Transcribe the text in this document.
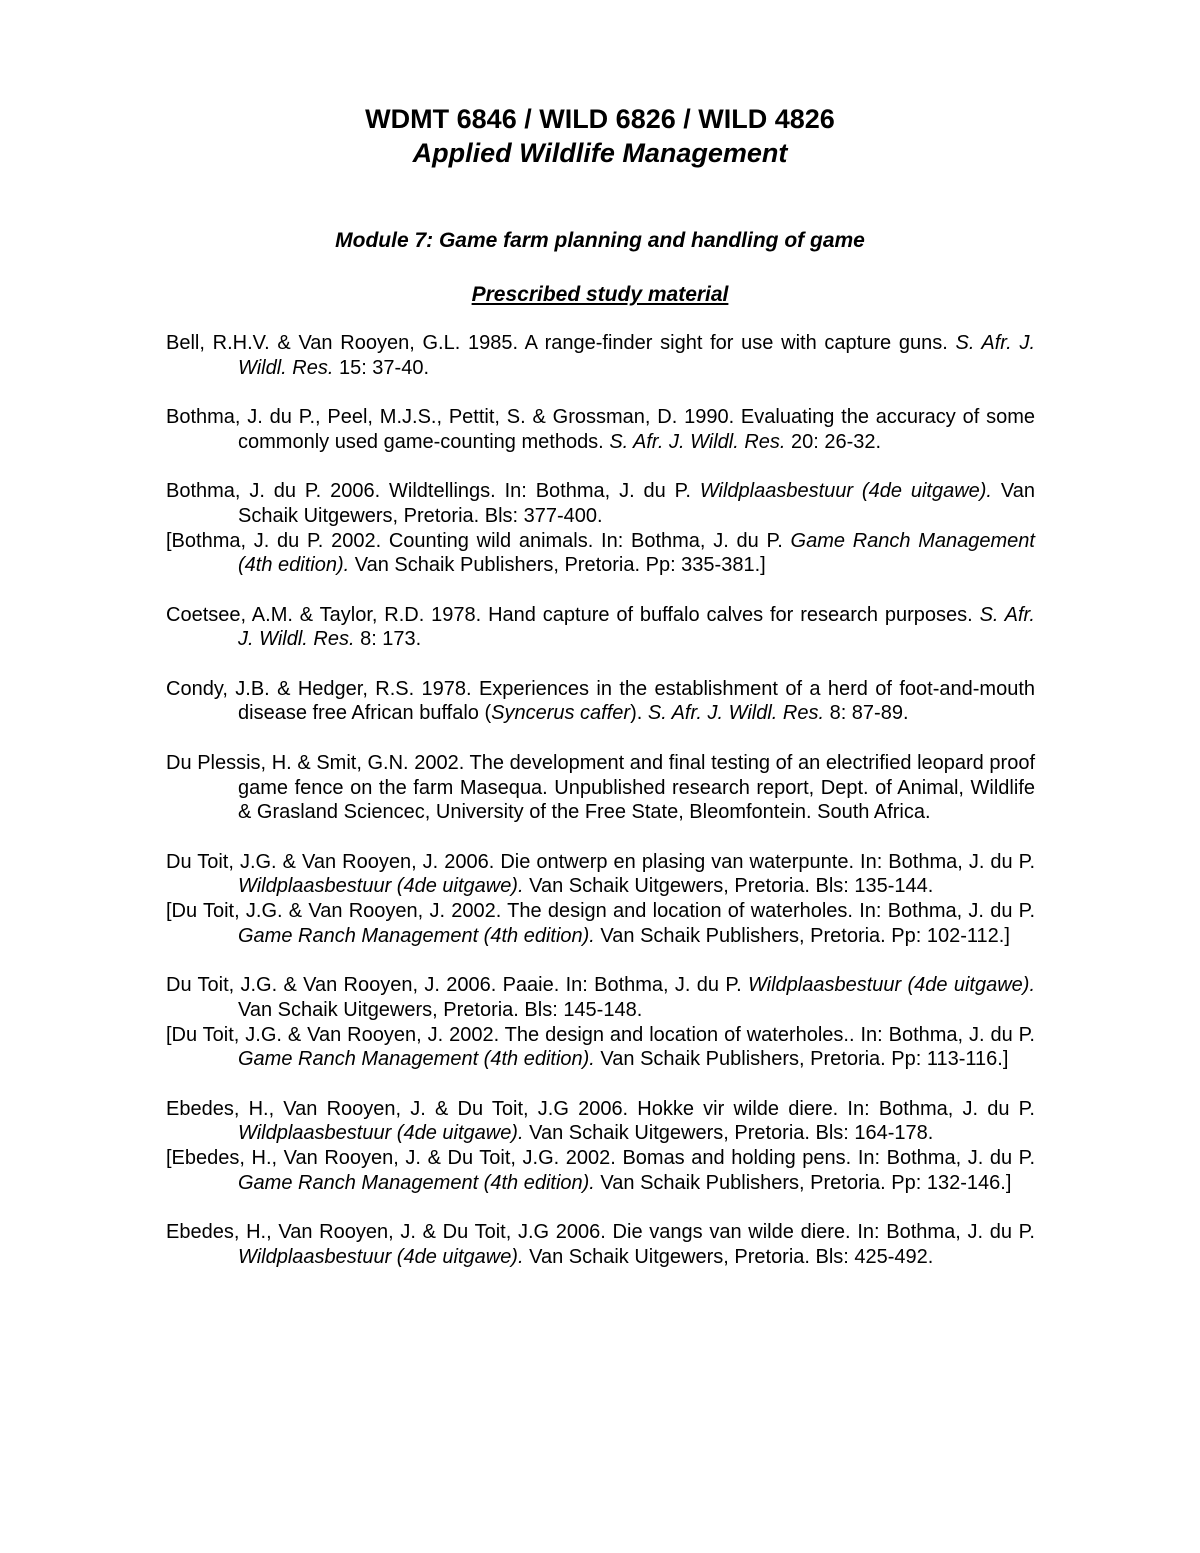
WDMT 6846 / WILD 6826 / WILD 4826
Applied Wildlife Management
Module 7: Game farm planning and handling of game
Prescribed study material
Bell, R.H.V. & Van Rooyen, G.L. 1985. A range-finder sight for use with capture guns. S. Afr. J. Wildl. Res. 15: 37-40.
Bothma, J. du P., Peel, M.J.S., Pettit, S. & Grossman, D. 1990. Evaluating the accuracy of some commonly used game-counting methods. S. Afr. J. Wildl. Res. 20: 26-32.
Bothma, J. du P. 2006. Wildtellings. In: Bothma, J. du P. Wildplaasbestuur (4de uitgawe). Van Schaik Uitgewers, Pretoria. Bls: 377-400.
[Bothma, J. du P. 2002. Counting wild animals. In: Bothma, J. du P. Game Ranch Management (4th edition). Van Schaik Publishers, Pretoria. Pp: 335-381.]
Coetsee, A.M. & Taylor, R.D. 1978. Hand capture of buffalo calves for research purposes. S. Afr. J. Wildl. Res. 8: 173.
Condy, J.B. & Hedger, R.S. 1978. Experiences in the establishment of a herd of foot-and-mouth disease free African buffalo (Syncerus caffer). S. Afr. J. Wildl. Res. 8: 87-89.
Du Plessis, H. & Smit, G.N. 2002. The development and final testing of an electrified leopard proof game fence on the farm Masequa. Unpublished research report, Dept. of Animal, Wildlife & Grasland Sciencec, University of the Free State, Bleomfontein. South Africa.
Du Toit, J.G. & Van Rooyen, J. 2006. Die ontwerp en plasing van waterpunte. In: Bothma, J. du P. Wildplaasbestuur (4de uitgawe). Van Schaik Uitgewers, Pretoria. Bls: 135-144.
[Du Toit, J.G. & Van Rooyen, J. 2002. The design and location of waterholes. In: Bothma, J. du P. Game Ranch Management (4th edition). Van Schaik Publishers, Pretoria. Pp: 102-112.]
Du Toit, J.G. & Van Rooyen, J. 2006. Paaie. In: Bothma, J. du P. Wildplaasbestuur (4de uitgawe). Van Schaik Uitgewers, Pretoria. Bls: 145-148.
[Du Toit, J.G. & Van Rooyen, J. 2002. The design and location of waterholes.. In: Bothma, J. du P. Game Ranch Management (4th edition). Van Schaik Publishers, Pretoria. Pp: 113-116.]
Ebedes, H., Van Rooyen, J. & Du Toit, J.G 2006. Hokke vir wilde diere. In: Bothma, J. du P. Wildplaasbestuur (4de uitgawe). Van Schaik Uitgewers, Pretoria. Bls: 164-178.
[Ebedes, H., Van Rooyen, J. & Du Toit, J.G. 2002. Bomas and holding pens. In: Bothma, J. du P. Game Ranch Management (4th edition). Van Schaik Publishers, Pretoria. Pp: 132-146.]
Ebedes, H., Van Rooyen, J. & Du Toit, J.G 2006. Die vangs van wilde diere. In: Bothma, J. du P. Wildplaasbestuur (4de uitgawe). Van Schaik Uitgewers, Pretoria. Bls: 425-492.
